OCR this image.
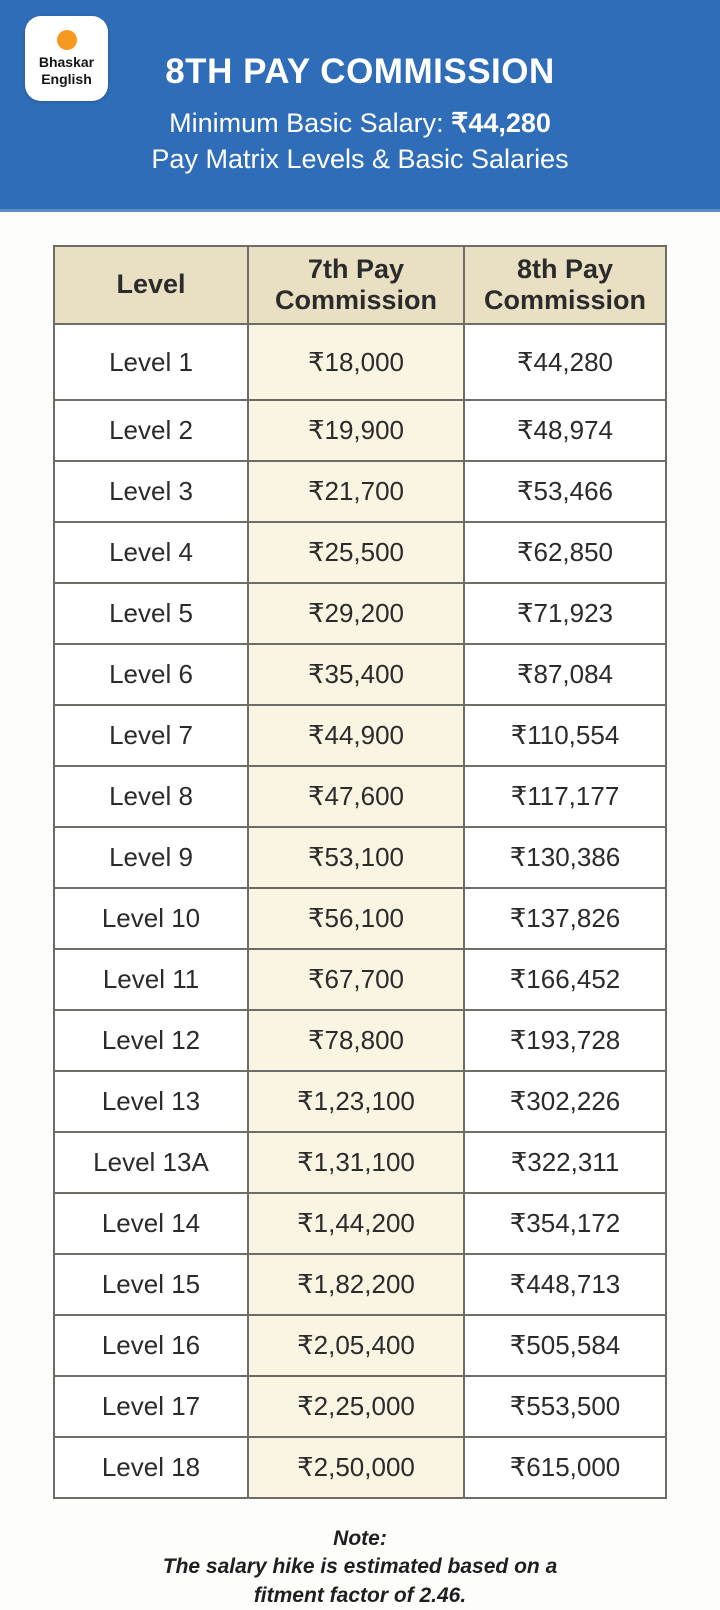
Bhaskar
English	8TH PAY COMMISSION
Minimum Basic Salary: ₹44,280
Pay Matrix Levels & Basic Salaries
Level	7th Pay Commission	8th Pay Commission
Level 1	₹18,000	₹44,280
Level 2	₹19,900	₹48,974
Level 3	₹21,700	₹53,466
Level 4	₹25,500	₹62,850
Level 5	₹29,200	₹71,923
Level 6	₹35,400	₹87,084
Level 7	₹44,900	₹110,554
Level 8	₹47,600	₹117,177
Level 9	₹53,100	₹130,386
Level 10	₹56,100	₹137,826
Level 11	₹67,700	₹166,452
Level 12	₹78,800	₹193,728
Level 13	₹1,23,100	₹302,226
Level 13A	₹1,31,100	₹322,311
Level 14	₹1,44,200	₹354,172
Level 15	₹1,82,200	₹448,713
Level 16	₹2,05,400	₹505,584
Level 17	₹2,25,000	₹553,500
Level 18	₹2,50,000	₹615,000
Note:
The salary hike is estimated based on a
fitment factor of 2.46.
